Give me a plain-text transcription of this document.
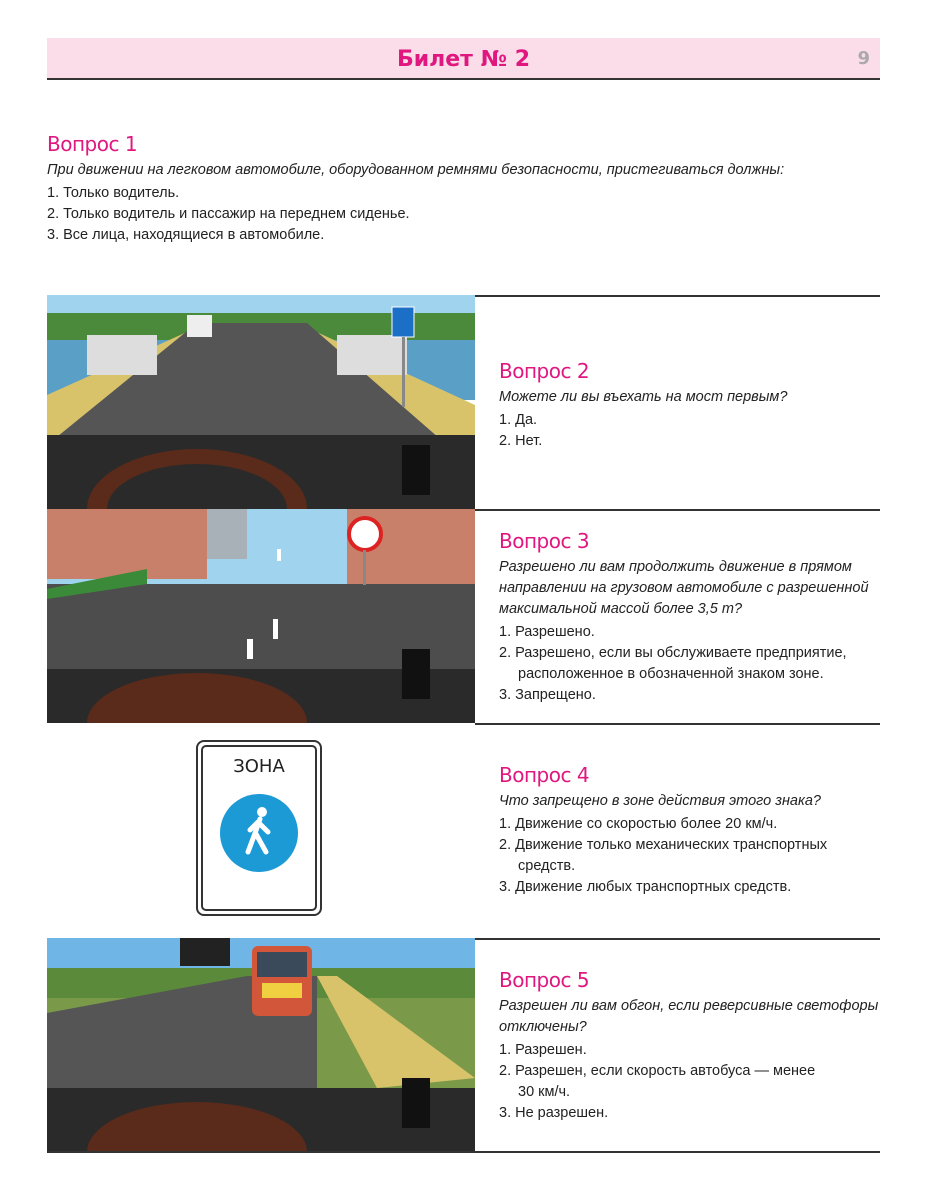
Билет № 2	9
Вопрос 1
При движении на легковом автомобиле, оборудованном ремнями безопасности, пристегиваться должны:
1. Только водитель.
2. Только водитель и пассажир на переднем сиденье.
3. Все лица, находящиеся в автомобиле.
Вопрос 2
Можете ли вы въехать на мост первым?
1. Да.
2. Нет.
Вопрос 3
Разрешено ли вам продолжить движение в прямом направлении на грузовом автомобиле с разрешенной максимальной массой более 3,5 т?
1. Разрешено.
2. Разрешено, если вы обслуживаете предприятие, расположенное в обозначенной знаком зоне.
3. Запрещено.
ЗОНА	Вопрос 4
Что запрещено в зоне действия этого знака?
1. Движение со скоростью более 20 км/ч.
2. Движение только механических транспортных средств.
3. Движение любых транспортных средств.
Вопрос 5
Разрешен ли вам обгон, если реверсивные светофоры отключены?
1. Разрешен.
2. Разрешен, если скорость автобуса — менее 30 км/ч.
3. Не разрешен.
